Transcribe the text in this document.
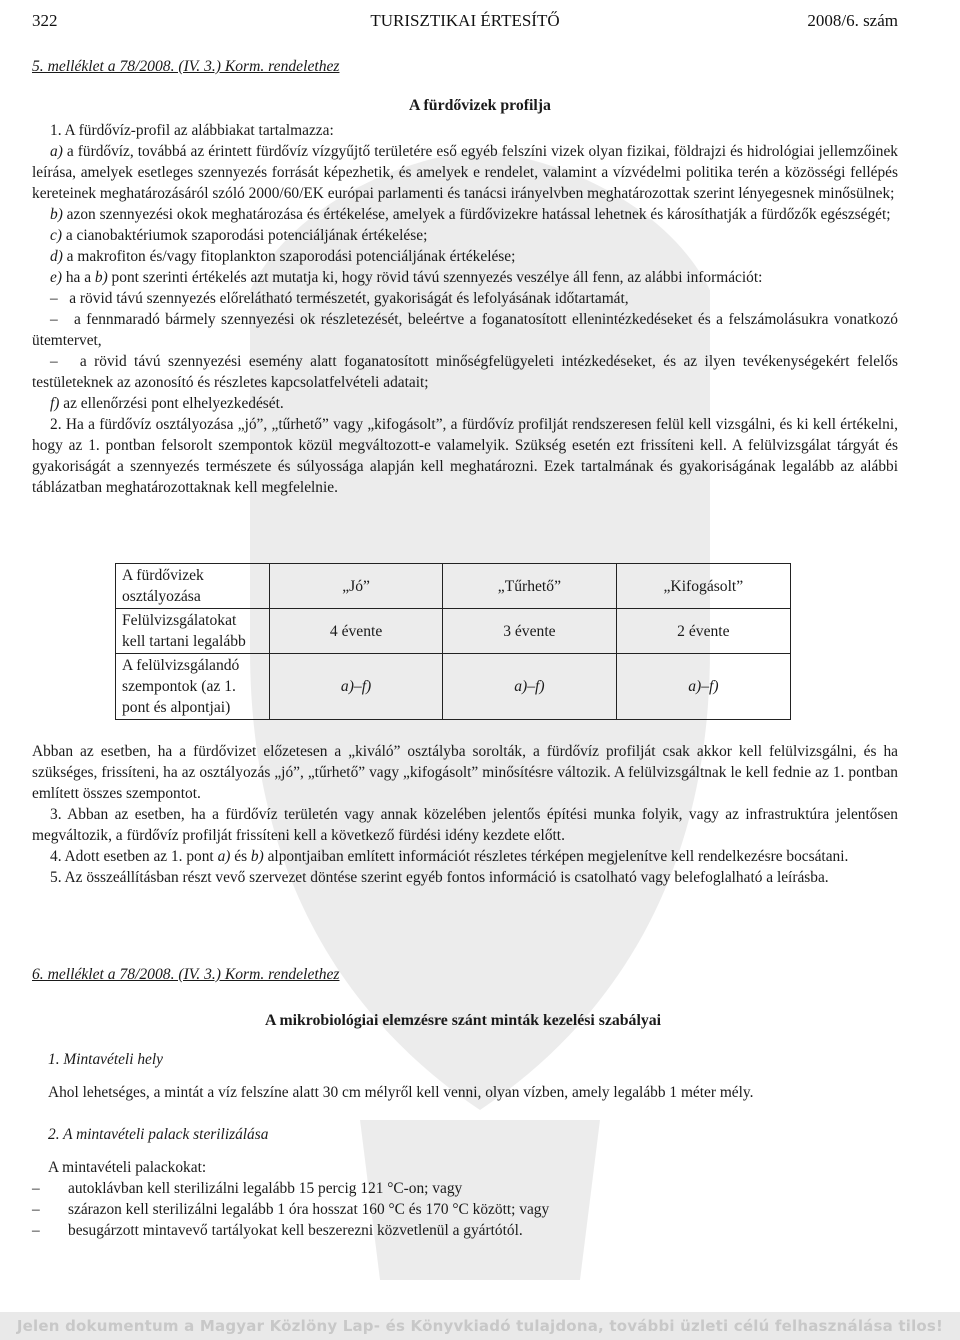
322	TURISZTIKAI ÉRTESÍTŐ	2008/6. szám
5. melléklet a 78/2008. (IV. 3.) Korm. rendelethez
A fürdővizek profilja

1. A fürdővíz-profil az alábbiakat tartalmazza:

a) a fürdővíz, továbbá az érintett fürdővíz vízgyűjtő területére eső egyéb felszíni vizek olyan fizikai, földrajzi és hidrológiai jellemzőinek leírása, amelyek esetleges szennyezés forrását képezhetik, és amelyek e rendelet, valamint a vízvédelmi politika terén a közösségi fellépés kereteinek meghatározásáról szóló 2000/60/EK európai parlamenti és tanácsi irányelvben meghatározottak szerint lényegesnek minősülnek;

b) azon szennyezési okok meghatározása és értékelése, amelyek a fürdővizekre hatással lehetnek és károsíthatják a fürdőzők egészségét;

c) a cianobaktériumok szaporodási potenciáljának értékelése;

d) a makrofiton és/vagy fitoplankton szaporodási potenciáljának értékelése;

e) ha a b) pont szerinti értékelés azt mutatja ki, hogy rövid távú szennyezés veszélye áll fenn, az alábbi információt:

–   a rövid távú szennyezés előrelátható természetét, gyakoriságát és lefolyásának időtartamát,

–   a fennmaradó bármely szennyezési ok részletezését, beleértve a foganatosított ellenintézkedéseket és a felszámolásukra vonatkozó ütemtervet,

–   a rövid távú szennyezési esemény alatt foganatosított minőségfelügyeleti intézkedéseket, és az ilyen tevékenységekért felelős testületeknek az azonosító és részletes kapcsolatfelvételi adatait;

f) az ellenőrzési pont elhelyezkedését.

2. Ha a fürdővíz osztályozása „jó”, „tűrhető” vagy „kifogásolt”, a fürdővíz profilját rendszeresen felül kell vizsgálni, és ki kell értékelni, hogy az 1. pontban felsorolt szempontok közül megváltozott-e valamelyik. Szükség esetén ezt frissíteni kell. A felülvizsgálat tárgyát és gyakoriságát a szennyezés természete és súlyossága alapján kell meghatározni. Ezek tartalmának és gyakoriságának legalább az alábbi táblázatban meghatározottaknak kell megfelelnie.

A fürdővizek osztályozása	„Jó”	„Tűrhető”	„Kifogásolt”
Felülvizsgálatokat kell tartani legalább	4 évente	3 évente	2 évente
A felülvizsgálandó szempontok (az 1. pont és alpontjai)	a)–f)	a)–f)	a)–f)

Abban az esetben, ha a fürdővizet előzetesen a „kiváló” osztályba sorolták, a fürdővíz profilját csak akkor kell felülvizsgálni, és ha szükséges, frissíteni, ha az osztályozás „jó”, „tűrhető” vagy „kifogásolt” minősítésre változik. A felülvizsgáltnak le kell fednie az 1. pontban említett összes szempontot.

3. Abban az esetben, ha a fürdővíz területén vagy annak közelében jelentős építési munka folyik, vagy az infrastruktúra jelentősen megváltozik, a fürdővíz profilját frissíteni kell a következő fürdési idény kezdete előtt.

4. Adott esetben az 1. pont a) és b) alpontjaiban említett információt részletes térképen megjelenítve kell rendelkezésre bocsátani.

5. Az összeállításban részt vevő szervezet döntése szerint egyéb fontos információ is csatolható vagy belefoglalható a leírásba.

6. melléklet a 78/2008. (IV. 3.) Korm. rendelethez
A mikrobiológiai elemzésre szánt minták kezelési szabályai
1. Mintavételi hely
Ahol lehetséges, a mintát a víz felszíne alatt 30 cm mélyről kell venni, olyan vízben, amely legalább 1 méter mély.
2. A mintavételi palack sterilizálása
A mintavételi palackokat:
– autoklávban kell sterilizálni legalább 15 percig 121 °C-on; vagy
– szárazon kell sterilizálni legalább 1 óra hosszat 160 °C és 170 °C között; vagy
– besugárzott mintavevő tartályokat kell beszerezni közvetlenül a gyártótól.
Jelen dokumentum a Magyar Közlöny Lap- és Könyvkiadó tulajdona, további üzleti célú felhasználása tilos!
